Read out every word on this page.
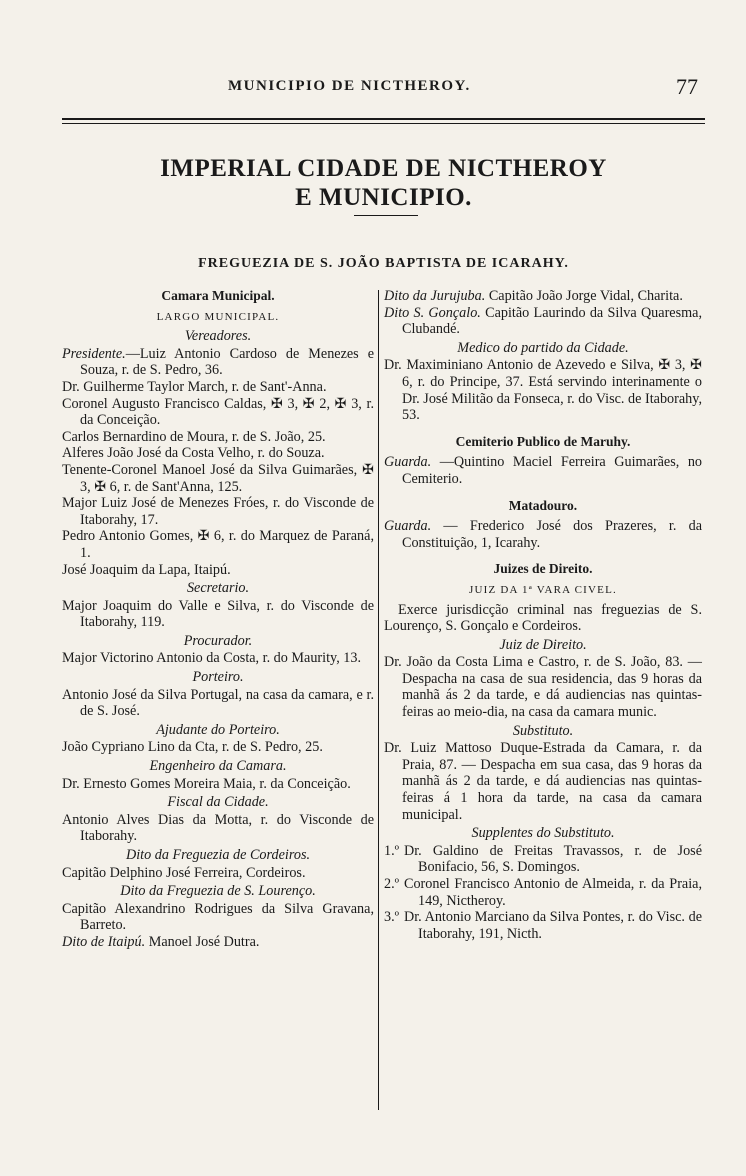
MUNICIPIO DE NICTHEROY.	77
IMPERIAL CIDADE DE NICTHEROY
E MUNICIPIO.
FREGUEZIA DE S. JOÃO BAPTISTA DE ICARAHY.

Camara Municipal.

LARGO MUNICIPAL.

Vereadores.

Presidente.—Luiz Antonio Cardoso de Menezes e Souza, r. de S. Pedro, 36.

Dr. Guilherme Taylor March, r. de Sant'-Anna.

Coronel Augusto Francisco Caldas, ✠ 3, ✠ 2, ✠ 3, r. da Conceição.

Carlos Bernardino de Moura, r. de S. João, 25.

Alferes João José da Costa Velho, r. do Souza.

Tenente-Coronel Manoel José da Silva Guimarães, ✠ 3, ✠ 6, r. de Sant'Anna, 125.

Major Luiz José de Menezes Fróes, r. do Visconde de Itaborahy, 17.

Pedro Antonio Gomes, ✠ 6, r. do Marquez de Paraná, 1.

José Joaquim da Lapa, Itaipú.

Secretario.

Major Joaquim do Valle e Silva, r. do Visconde de Itaborahy, 119.

Procurador.

Major Victorino Antonio da Costa, r. do Maurity, 13.

Porteiro.

Antonio José da Silva Portugal, na casa da camara, e r. de S. José.

Ajudante do Porteiro.

João Cypriano Lino da Cta, r. de S. Pedro, 25.

Engenheiro da Camara.

Dr. Ernesto Gomes Moreira Maia, r. da Conceição.

Fiscal da Cidade.

Antonio Alves Dias da Motta, r. do Visconde de Itaborahy.

Dito da Freguezia de Cordeiros.

Capitão Delphino José Ferreira, Cordeiros.

Dito da Freguezia de S. Lourenço.

Capitão Alexandrino Rodrigues da Silva Gravana, Barreto.

Dito de Itaipú. Manoel José Dutra.

Dito da Jurujuba. Capitão João Jorge Vidal, Charita.

Dito S. Gonçalo. Capitão Laurindo da Silva Quaresma, Clubandé.

Medico do partido da Cidade.

Dr. Maximiniano Antonio de Azevedo e Silva, ✠ 3, ✠ 6, r. do Principe, 37. Está servindo interinamente o Dr. José Militão da Fonseca, r. do Visc. de Itaborahy, 53.

Cemiterio Publico de Maruhy.

Guarda. —Quintino Maciel Ferreira Guimarães, no Cemiterio.

Matadouro.

Guarda. — Frederico José dos Prazeres, r. da Constituição, 1, Icarahy.

Juizes de Direito.

JUIZ DA 1ª VARA CIVEL.

Exerce jurisdicção criminal nas freguezias de S. Lourenço, S. Gonçalo e Cordeiros.

Juiz de Direito.

Dr. João da Costa Lima e Castro, r. de S. João, 83. —Despacha na casa de sua residencia, das 9 horas da manhã ás 2 da tarde, e dá audiencias nas quintas-feiras ao meio-dia, na casa da camara munic.

Substituto.

Dr. Luiz Mattoso Duque-Estrada da Camara, r. da Praia, 87. — Despacha em sua casa, das 9 horas da manhã ás 2 da tarde, e dá audiencias nas quintas-feiras á 1 hora da tarde, na casa da camara municipal.

Supplentes do Substituto.

1.º Dr. Galdino de Freitas Travassos, r. de José Bonifacio, 56, S. Domingos.
2.º Coronel Francisco Antonio de Almeida, r. da Praia, 149, Nictheroy.
3.º Dr. Antonio Marciano da Silva Pontes, r. do Visc. de Itaborahy, 191, Nicth.
